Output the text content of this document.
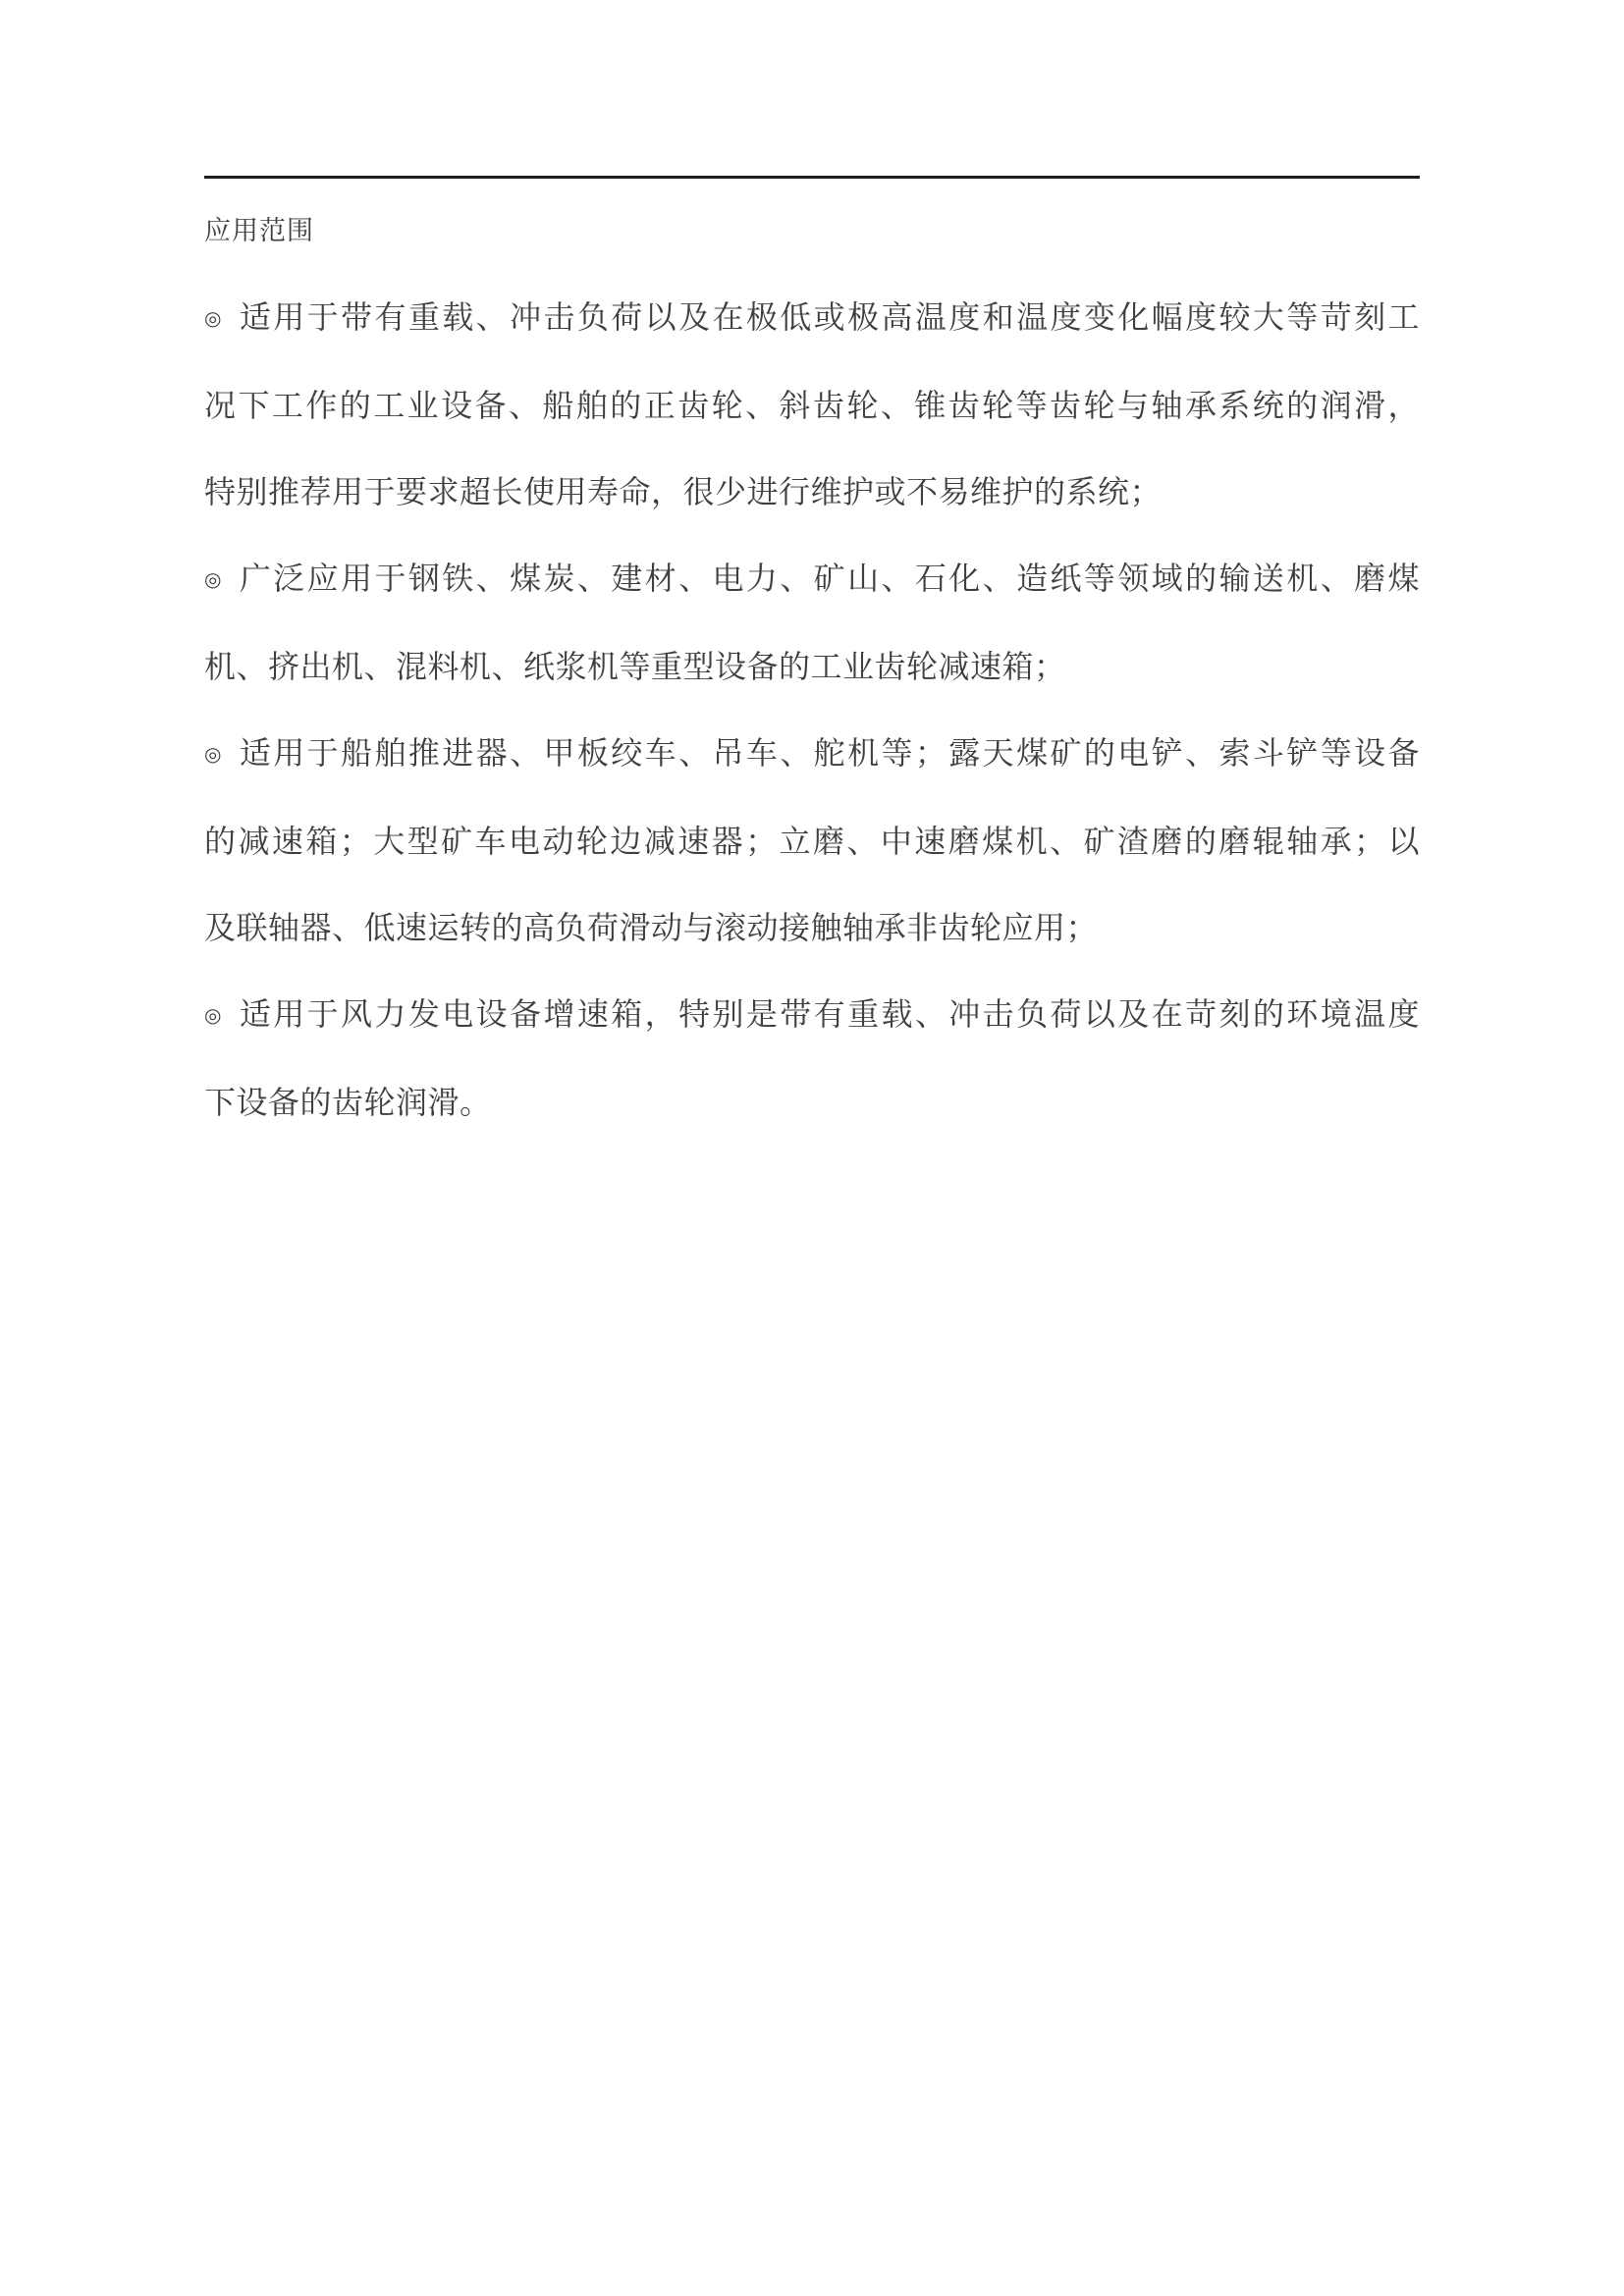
应用范围
◎ 适用于带有重载、冲击负荷以及在极低或极高温度和温度变化幅度较大等苛刻工
况下工作的工业设备、船舶的正齿轮、斜齿轮、锥齿轮等齿轮与轴承系统的润滑，
特别推荐用于要求超长使用寿命，很少进行维护或不易维护的系统；
◎ 广泛应用于钢铁、煤炭、建材、电力、矿山、石化、造纸等领域的输送机、磨煤
机、挤出机、混料机、纸浆机等重型设备的工业齿轮减速箱；
◎ 适用于船舶推进器、甲板绞车、吊车、舵机等；露天煤矿的电铲、索斗铲等设备
的减速箱；大型矿车电动轮边减速器；立磨、中速磨煤机、矿渣磨的磨辊轴承；以
及联轴器、低速运转的高负荷滑动与滚动接触轴承非齿轮应用；
◎ 适用于风力发电设备增速箱，特别是带有重载、冲击负荷以及在苛刻的环境温度
下设备的齿轮润滑。
